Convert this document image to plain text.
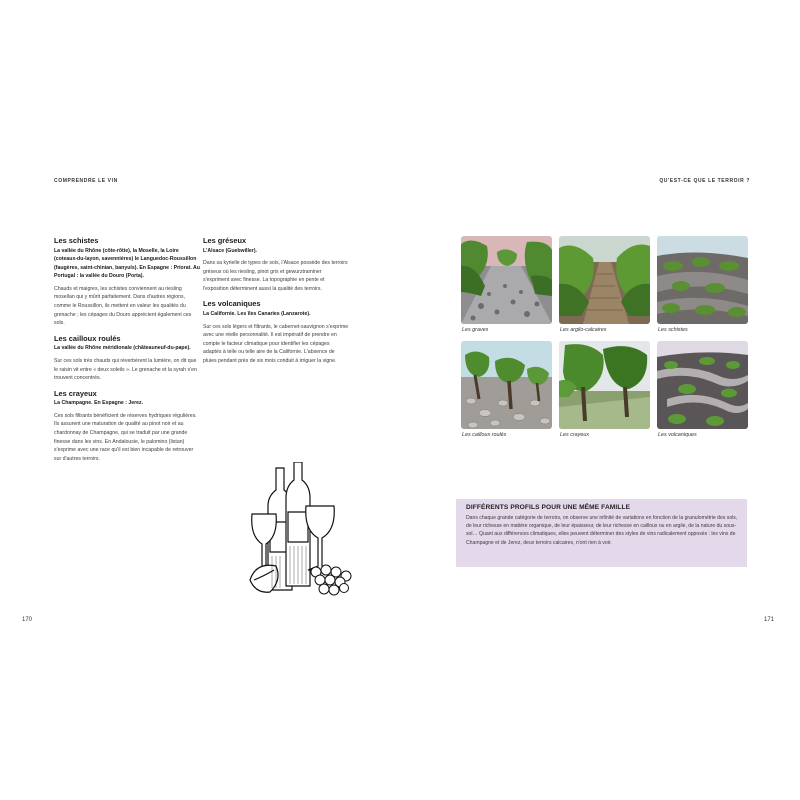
COMPRENDRE LE VIN	QU'EST-CE QUE LE TERROIR ?
Les schistes
La vallée du Rhône (côte-rôtie), la Moselle, la Loire (coteaux-du-layon, savennières) le Languedoc-Roussillon (faugères, saint-chinian, banyuls). En Espagne : Priorat. Au Portugal : la vallée du Douro (Porta).

Chauds et maigres, les schistes conviennent au riesling mosellan qui y mûrit parfaitement. Dans d'autres régions, comme le Roussillon, ils mettent en valeur les qualités du grenache ; les cépages du Douro apprécient également ces sols.

Les cailloux roulés
La vallée du Rhône méridionale (châteauneuf-du-pape).

Sur ces sols très chauds qui réverbèrent la lumière, on dit que le raisin vit entre « deux soleils ». Le grenache et la syrah s'en trouvent concentrés.

Les crayeux
La Champagne. En Espagne : Jerez.

Ces sols filtrants bénéficient de réserves hydriques régulières. Ils assurent une maturation de qualité au pinot noir et au chardonnay de Champagne, qui se traduit par une grande finesse dans les vins. En Andalousie, le palomino (listan) s'exprime avec une race qu'il est bien incapable de retrouver sur d'autres terroirs.

Les gréseux
L'Alsace (Guebwiller).

Dans sa kyrielle de types de sols, l'Alsace possède des terroirs gréseux où les riesling, pinot gris et gewurztraminer s'expriment avec finesse. La topographie en pente et l'exposition déterminent aussi la qualité des terroirs.

Les volcaniques
La Californie. Les îles Canaries (Lanzarote).

Sur ces sols légers et filtrants, le cabernet-sauvignon s'exprime avec une réelle personnalité. Il est impératif de prendre en compte le facteur climatique pour identifier les cépages adaptés à telle ou telle aire de la Californie. L'absence de pluies pendant près de six mois conduit à irriguer la vigne.

Les graves	Les argilo-calcaires	Les schistes
Les cailloux roulés	Les crayeux	Les volcaniques
DIFFÉRENTS PROFILS POUR UNE MÊME FAMILLE

Dans chaque grande catégorie de terroirs, on observe une infinité de variations en fonction de la granulométrie des sols, de leur richesse en matière organique, de leur épaisseur, de leur richesse en cailloux ou en argile, de la nature du sous-sol… Quant aux différences climatiques, elles peuvent déterminer des styles de vins radicalement opposés : les vins de Champagne et de Jerez, deux terroirs calcaires, n'ont rien à voir.

170	171
